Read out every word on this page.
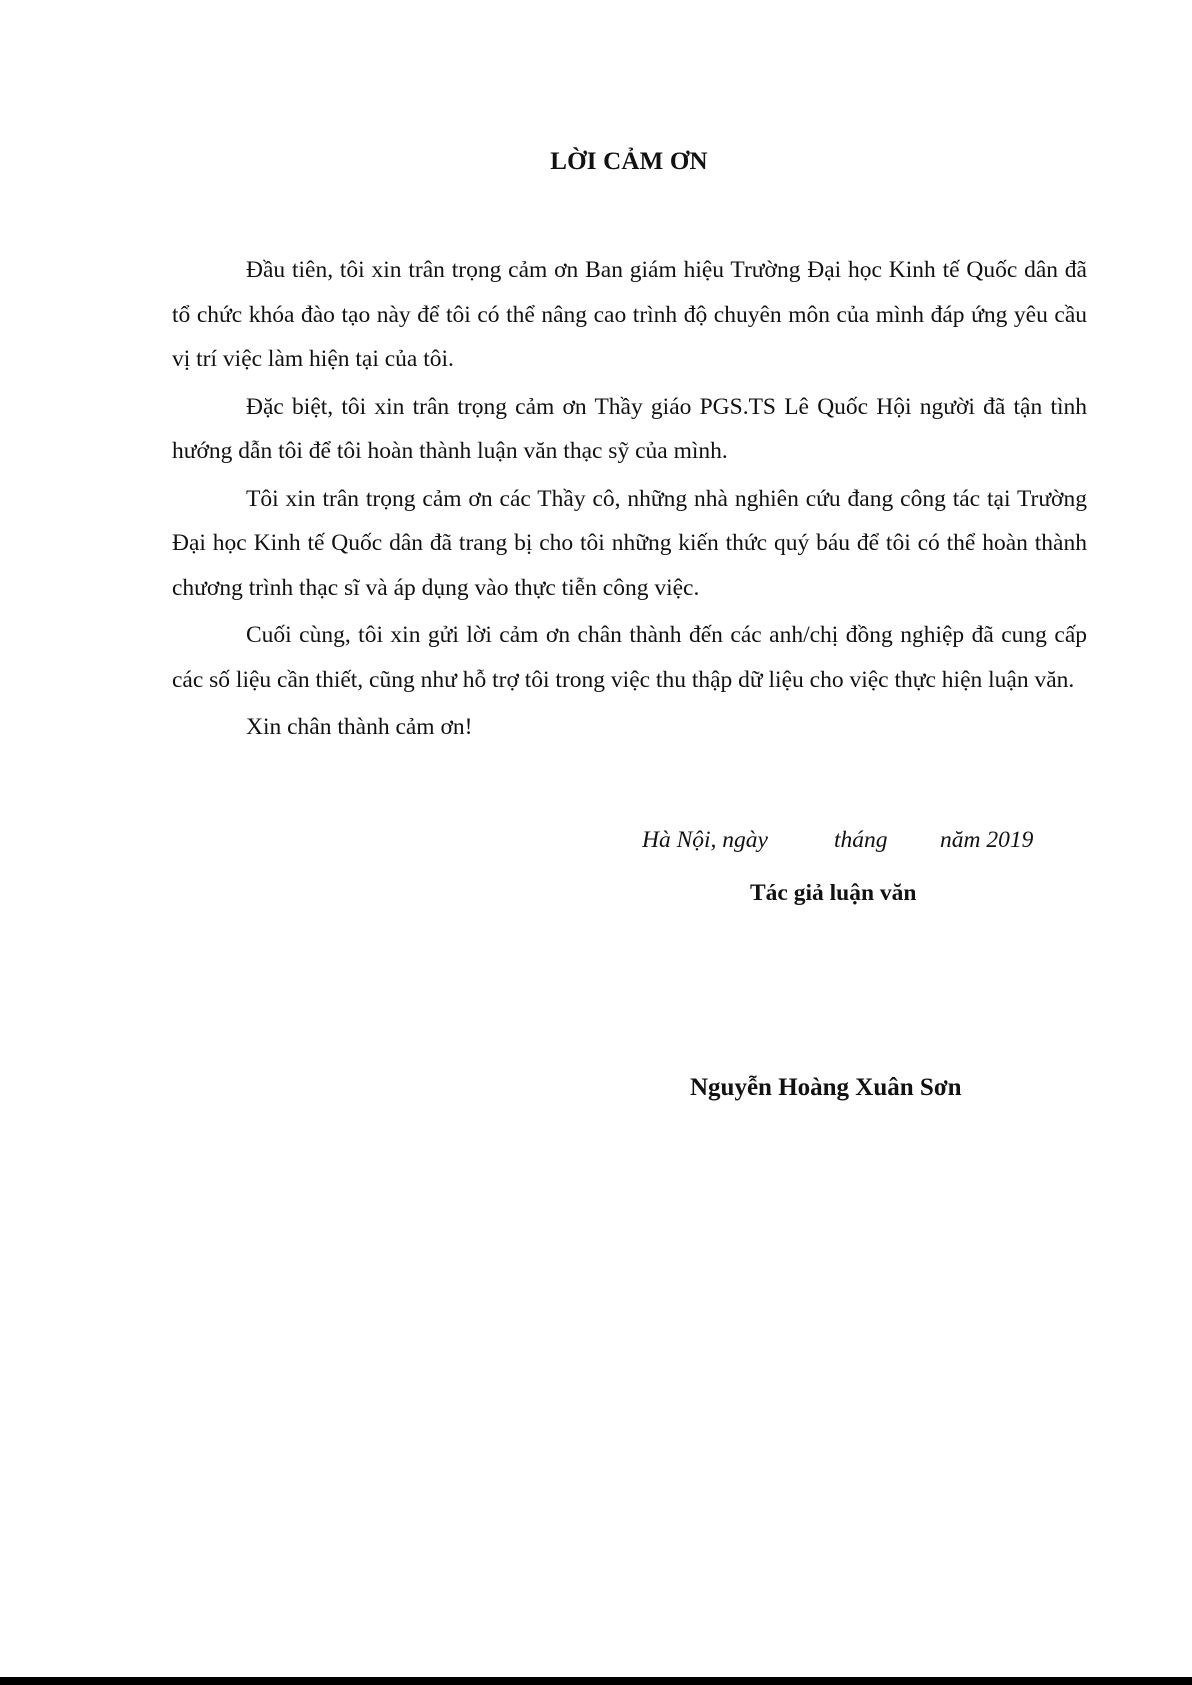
LỜI CẢM ƠN

Đầu tiên, tôi xin trân trọng cảm ơn Ban giám hiệu Trường Đại học Kinh tế Quốc dân đã tổ chức khóa đào tạo này để tôi có thể nâng cao trình độ chuyên môn của mình đáp ứng yêu cầu vị trí việc làm hiện tại của tôi.

Đặc biệt, tôi xin trân trọng cảm ơn Thầy giáo PGS.TS Lê Quốc Hội người đã tận tình hướng dẫn tôi để tôi hoàn thành luận văn thạc sỹ của mình.

Tôi xin trân trọng cảm ơn các Thầy cô, những nhà nghiên cứu đang công tác tại Trường Đại học Kinh tế Quốc dân đã trang bị cho tôi những kiến thức quý báu để tôi có thể hoàn thành chương trình thạc sĩ và áp dụng vào thực tiễn công việc.

Cuối cùng, tôi xin gửi lời cảm ơn chân thành đến các anh/chị đồng nghiệp đã cung cấp các số liệu cần thiết, cũng như hỗ trợ tôi trong việc thu thập dữ liệu cho việc thực hiện luận văn.

Xin chân thành cảm ơn!

Hà Nội, ngày	tháng năm 2019
Tác giả luận văn
Nguyễn Hoàng Xuân Sơn
